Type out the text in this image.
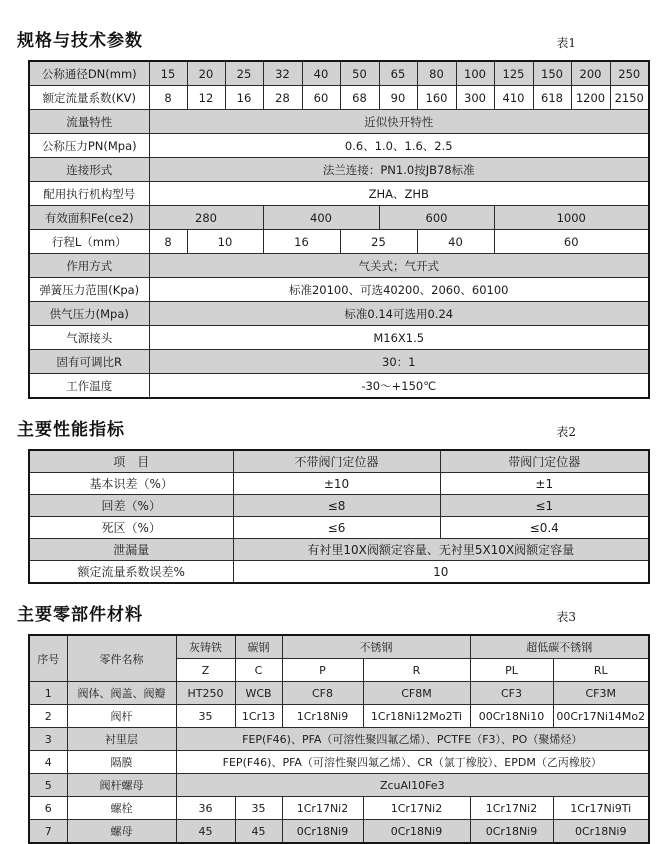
规格与技术参数	表1
公称通径DN(mm)	15	20	25	32	40	50	65	80	100	125	150	200	250
额定流量系数(KV)	8	12	16	28	60	68	90	160	300	410	618	1200	2150
流量特性	近似快开特性												
公称压力PN(Mpa)	0.6、1.0、1.6、2.5												
连接形式	法兰连接：PN1.0按JB78标准												
配用执行机构型号	ZHA、ZHB												
有效面积Fe(ce2)	280			400			600			1000			
行程L（mm）	8	10		16		25		40		60			
作用方式	气关式；气开式												
弹簧压力范围(Kpa)	标准20100、可选40200、2060、60100												
供气压力(Mpa)	标准0.14可选用0.24												
气源接头	M16X1.5												
固有可调比R	30：1												
工作温度	-30～+150℃												
主要性能指标	表2
项　目	不带阀门定位器	带阀门定位器
基本识差（%）	±10	±1
回差（%）	≤8	≤1
死区（%）	≤6	≤0.4
泄漏量	有衬里10X阀额定容量、无衬里5X10X阀额定容量	
额定流量系数误差%	10	
主要零部件材料	表3
序号	零件名称	灰铸铁	碳钢	不锈钢		超低碳不锈钢	
		Z	C	P	R	PL	RL
1	阀体、阀盖、阀瓣	HT250	WCB	CF8	CF8M	CF3	CF3M
2	阀杆	35	1Cr13	1Cr18Ni9	1Cr18Ni12Mo2Ti	00Cr18Ni10	00Cr17Ni14Mo2
3	衬里层	FEP(F46)、PFA（可溶性聚四氟乙烯）、PCTFE（F3）、PO（聚烯烃）					
4	隔膜	FEP(F46)、PFA（可溶性聚四氟乙烯）、CR（氯丁橡胶）、EPDM（乙丙橡胶）					
5	阀杆螺母	ZcuAl10Fe3					
6	螺栓	36	35	1Cr17Ni2	1Cr17Ni2	1Cr17Ni2	1Cr17Ni9Ti
7	螺母	45	45	0Cr18Ni9	0Cr18Ni9	0Cr18Ni9	0Cr18Ni9
